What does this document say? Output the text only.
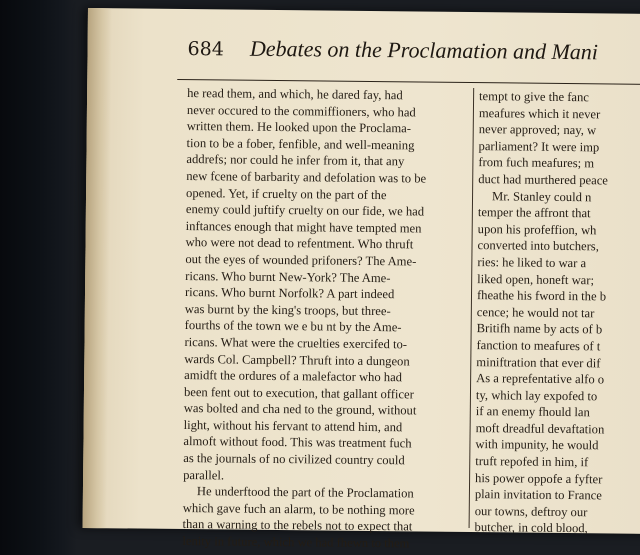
684 Debates on the Proclamation and Mani
he read them, and which, he dared fay, had
never occured to the commiffioners, who had
written them. He looked upon the Proclama-
tion to be a fober, fenfible, and well-meaning
addrefs; nor could he infer from it, that any
new fcene of barbarity and defolation was to be
opened. Yet, if cruelty on the part of the
enemy could juftify cruelty on our fide, we had
inftances enough that might have tempted men
who were not dead to refentment. Who thruft
out the eyes of wounded prifoners? The Ame-
ricans. Who burnt New-York? The Ame-
ricans. Who burnt Norfolk? A part indeed
was burnt by the king's troops, but three-
fourths of the town we e bu nt by the Ame-
ricans. What were the cruelties exercifed to-
wards Col. Campbell? Thruft into a dungeon
amidft the ordures of a malefactor who had
been fent out to execution, that gallant officer
was bolted and cha ned to the ground, without
light, without his fervant to attend him, and
almoft without food. This was treatment fuch
as the journals of no civilized country could
parallel.
He underftood the part of the Proclamation
which gave fuch an alarm, to be nothing more
than a warning to the rebels not to expect that
lenity in future, which we had fhewn to them
tempt to give the fanc
meafures which it never
never approved; nay, w
parliament? It were imp
from fuch meafures; m
duct had murthered peace
Mr. Stanley could n
temper the affront that
upon his profeffion, wh
converted into butchers,
ries: he liked to war a
liked open, honeft war;
fheathe his fword in the b
cence; he would not tar
Britifh name by acts of b
fanction to meafures of t
miniftration that ever dif
As a reprefentative alfo o
ty, which lay expofed to
if an enemy fhould lan
moft dreadful devaftation
with impunity, he would
truft repofed in him, if
his power oppofe a fyfter
plain invitation to France
our towns, deftroy our
butcher, in cold blood,
